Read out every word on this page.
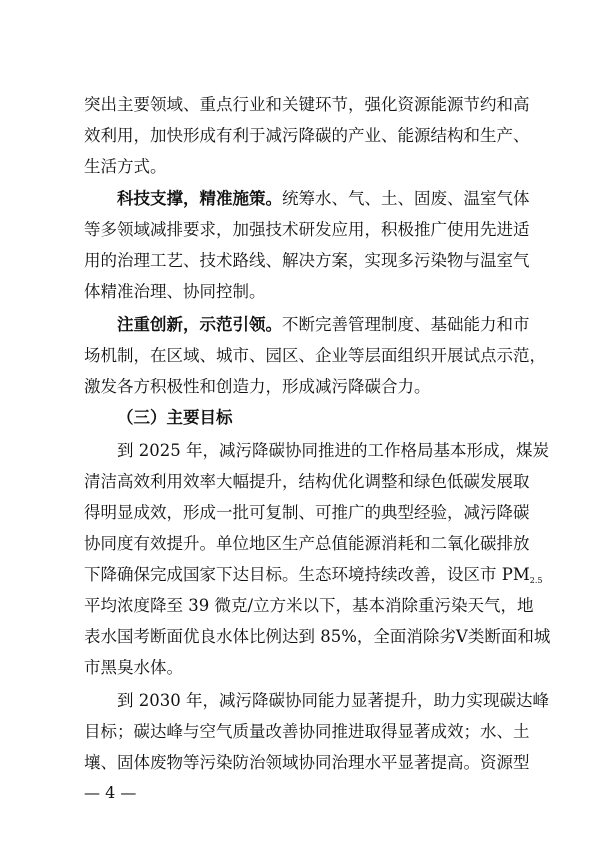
突出主要领域、重点行业和关键环节，强化资源能源节约和高
效利用，加快形成有利于减污降碳的产业、能源结构和生产、
生活方式。
科技支撑，精准施策。统筹水、气、土、固废、温室气体
等多领域减排要求，加强技术研发应用，积极推广使用先进适
用的治理工艺、技术路线、解决方案，实现多污染物与温室气
体精准治理、协同控制。
注重创新，示范引领。不断完善管理制度、基础能力和市
场机制，在区域、城市、园区、企业等层面组织开展试点示范，
激发各方积极性和创造力，形成减污降碳合力。
（三）主要目标
到 2025 年，减污降碳协同推进的工作格局基本形成，煤炭
清洁高效利用效率大幅提升，结构优化调整和绿色低碳发展取
得明显成效，形成一批可复制、可推广的典型经验，减污降碳
协同度有效提升。单位地区生产总值能源消耗和二氧化碳排放
下降确保完成国家下达目标。生态环境持续改善，设区市 $PM_{2.5}$
平均浓度降至 39 微克/立方米以下，基本消除重污染天气，地
表水国考断面优良水体比例达到 85%，全面消除劣Ⅴ类断面和城
市黑臭水体。
到 2030 年，减污降碳协同能力显著提升，助力实现碳达峰
目标；碳达峰与空气质量改善协同推进取得显著成效；水、土
壤、固体废物等污染防治领域协同治理水平显著提高。资源型
— 4 —
